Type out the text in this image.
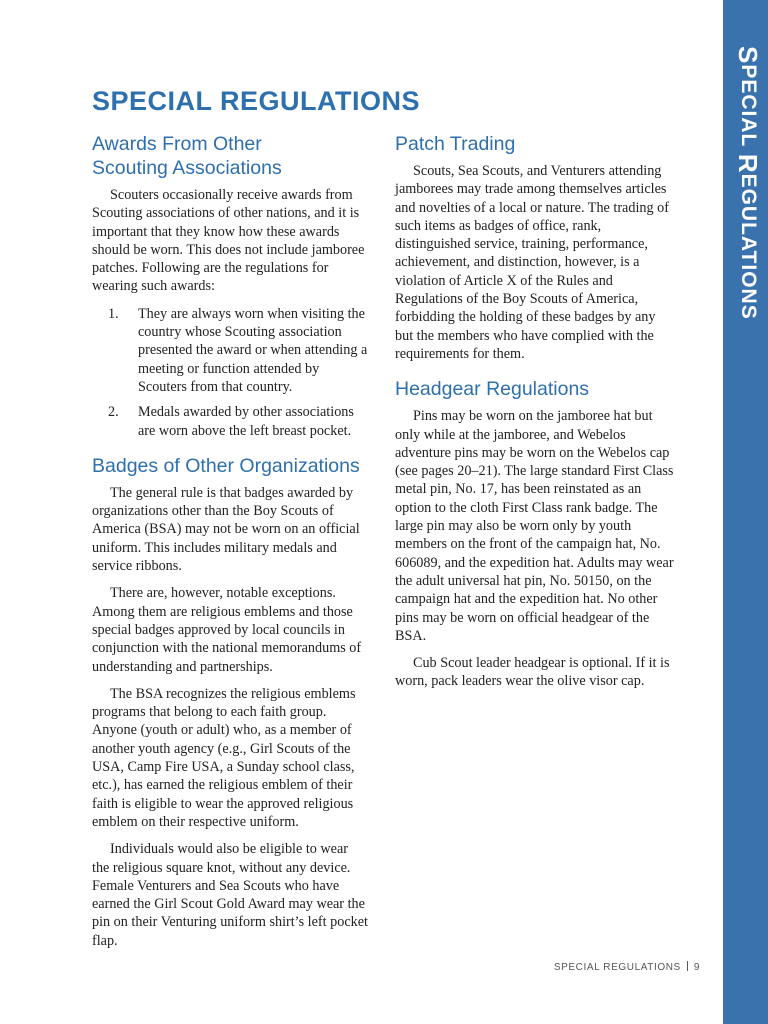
SPECIAL REGULATIONS
SPECIAL REGULATIONS
Awards From Other Scouting Associations

Scouters occasionally receive awards from Scouting associations of other nations, and it is important that they know how these awards should be worn. This does not include jamboree patches. Following are the regulations for wearing such awards:

1. They are always worn when visiting the country whose Scouting association presented the award or when attending a meeting or function attended by Scouters from that country.
2. Medals awarded by other associations are worn above the left breast pocket.
Badges of Other Organizations

The general rule is that badges awarded by organizations other than the Boy Scouts of America (BSA) may not be worn on an official uniform. This includes military medals and service ribbons.

There are, however, notable exceptions. Among them are religious emblems and those special badges approved by local councils in conjunction with the national memorandums of understanding and partnerships.

The BSA recognizes the religious emblems programs that belong to each faith group. Anyone (youth or adult) who, as a member of another youth agency (e.g., Girl Scouts of the USA, Camp Fire USA, a Sunday school class, etc.), has earned the religious emblem of their faith is eligible to wear the approved religious emblem on their respective uniform.

Individuals would also be eligible to wear the religious square knot, without any device. Female Venturers and Sea Scouts who have earned the Girl Scout Gold Award may wear the pin on their Venturing uniform shirt’s left pocket flap.

Patch Trading

Scouts, Sea Scouts, and Venturers attending jamborees may trade among themselves articles and novelties of a local or nature. The trading of such items as badges of office, rank, distinguished service, training, performance, achievement, and distinction, however, is a violation of Article X of the Rules and Regulations of the Boy Scouts of America, forbidding the holding of these badges by any but the members who have complied with the requirements for them.

Headgear Regulations

Pins may be worn on the jamboree hat but only while at the jamboree, and Webelos adventure pins may be worn on the Webelos cap (see pages 20–21). The large standard First Class metal pin, No. 17, has been reinstated as an option to the cloth First Class rank badge. The large pin may also be worn only by youth members on the front of the campaign hat, No. 606089, and the expedition hat. Adults may wear the adult universal hat pin, No. 50150, on the campaign hat and the expedition hat. No other pins may be worn on official headgear of the BSA.

Cub Scout leader headgear is optional. If it is worn, pack leaders wear the olive visor cap.

SPECIAL REGULATIONS 9
